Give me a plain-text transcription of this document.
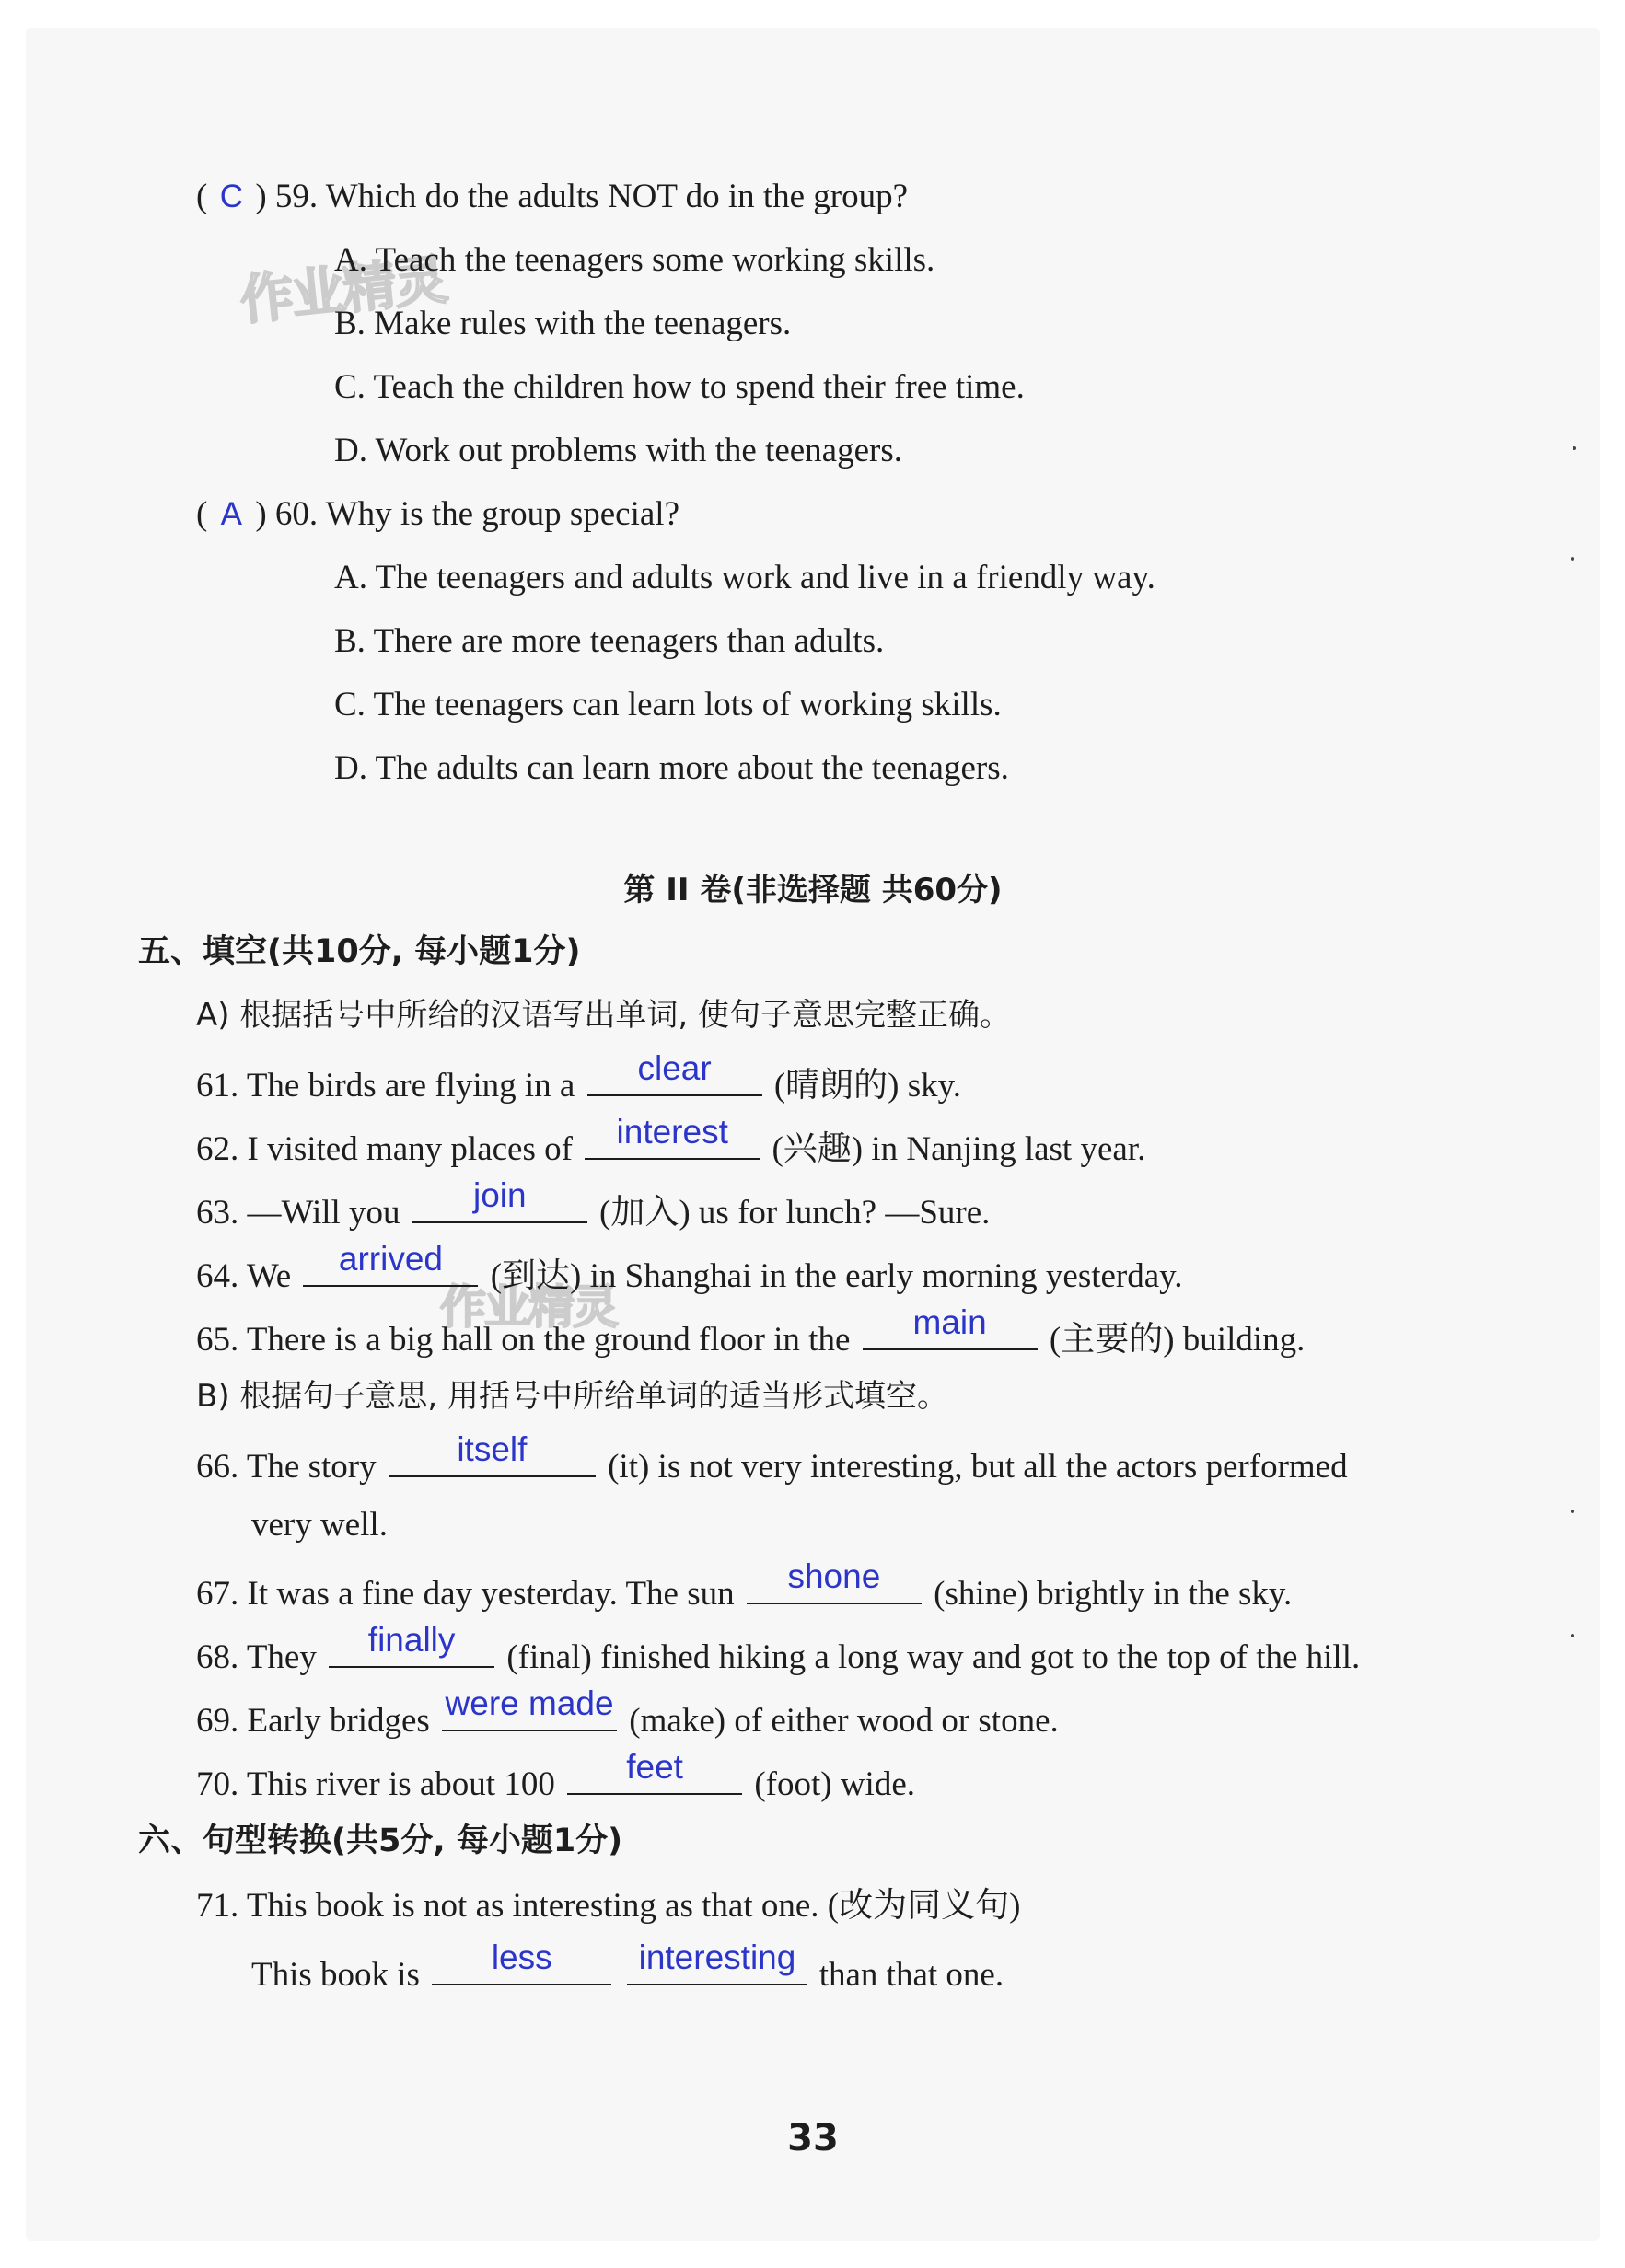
作业精灵
作业精灵
( C ) 59. Which do the adults NOT do in the group?
A. Teach the teenagers some working skills.
B. Make rules with the teenagers.
C. Teach the children how to spend their free time.
D. Work out problems with the teenagers.
( A ) 60. Why is the group special?
A. The teenagers and adults work and live in a friendly way.
B. There are more teenagers than adults.
C. The teenagers can learn lots of working skills.
D. The adults can learn more about the teenagers.
第 II 卷(非选择题 共60分)
五、填空(共10分, 每小题1分)
A) 根据括号中所给的汉语写出单词, 使句子意思完整正确。
61. The birds are flying in a	clear	(晴朗的) sky.
62. I visited many places of	interest	(兴趣) in Nanjing last year.
63. —Will you	join	(加入) us for lunch? —Sure.
64. We	arrived	(到达) in Shanghai in the early morning yesterday.
65. There is a big hall on the ground floor in the	main	(主要的) building.
B) 根据句子意思, 用括号中所给单词的适当形式填空。
66. The story	itself	(it) is not very interesting, but all the actors performed
very well.
67. It was a fine day yesterday. The sun	shone	(shine) brightly in the sky.
68. They	finally	(final) finished hiking a long way and got to the top of the hill.
69. Early bridges were made (make) of either wood or stone.
70. This river is about 100	feet	(foot) wide.
六、句型转换(共5分, 每小题1分)
71. This book is not as interesting as that one. (改为同义句)
This book is	less
	interesting than that one.
33
